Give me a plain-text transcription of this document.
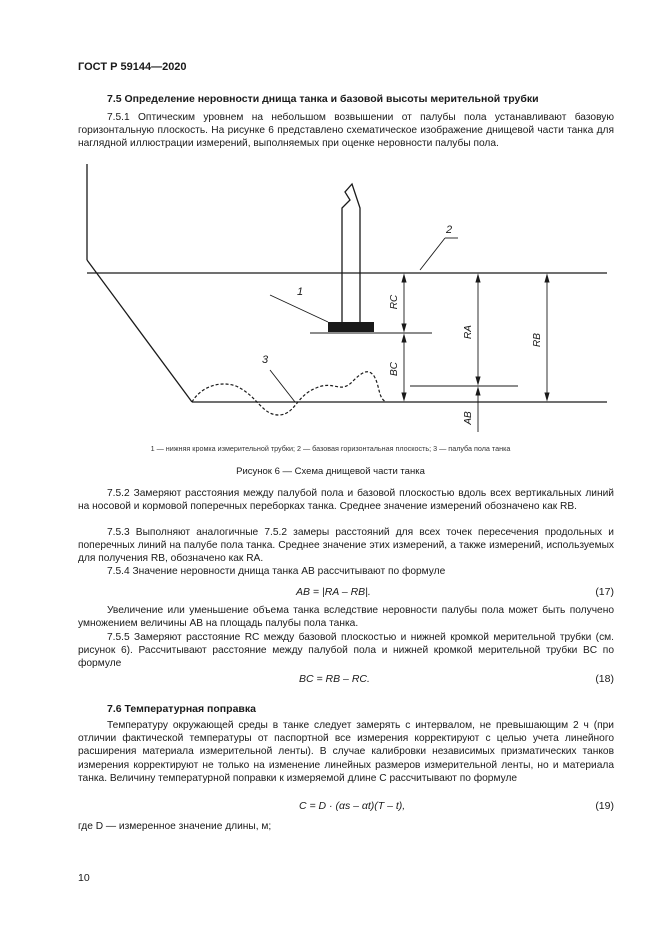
ГОСТ Р 59144—2020
7.5 Определение неровности днища танка и базовой высоты мерительной трубки

7.5.1 Оптическим уровнем на небольшом возвышении от палубы пола устанавливают базовую горизонтальную плоскость. На рисунке 6 представлено схематическое изображение днищевой части танка для наглядной иллюстрации измерений, выполняемых при оценке неровности палубы пола.

RC
BC
RA
RB
AB
1
3
2
1 — нижняя кромка измерительной трубки; 2 — базовая горизонтальная плоскость; 3 — палуба пола танка
Рисунок 6 — Схема днищевой части танка

7.5.2 Замеряют расстояния между палубой пола и базовой плоскостью вдоль всех вертикальных линий на носовой и кормовой поперечных переборках танка. Среднее значение измерений обозначено как RB.

7.5.3 Выполняют аналогичные 7.5.2 замеры расстояний для всех точек пересечения продольных и поперечных линий на палубе пола танка. Среднее значение этих измерений, а также измерений, используемых для получения RB, обозначено как RA.

7.5.4 Значение неровности днища танка AB рассчитывают по формуле

AB = |RA – RB|.	(17)

Увеличение или уменьшение объема танка вследствие неровности палубы пола может быть получено умножением величины AB на площадь палубы пола танка.

7.5.5 Замеряют расстояние RC между базовой плоскостью и нижней кромкой мерительной трубки (см. рисунок 6). Рассчитывают расстояние между палубой пола и нижней кромкой мерительной трубки BC по формуле

BC = RB – RC.	(18)
7.6 Температурная поправка

Температуру окружающей среды в танке следует замерять с интервалом, не превышающим 2 ч (при отличии фактической температуры от паспортной все измерения корректируют с целью учета линейного расширения материала измерительной ленты). В случае калибровки независимых призматических танков измерения корректируют не только на изменение линейных размеров измерительной ленты, но и материала танка. Величину температурной поправки к измеряемой длине C рассчитывают по формуле

C = D · (αs – αt)(T – t),	(19)

где D — измеренное значение длины, м;

10
